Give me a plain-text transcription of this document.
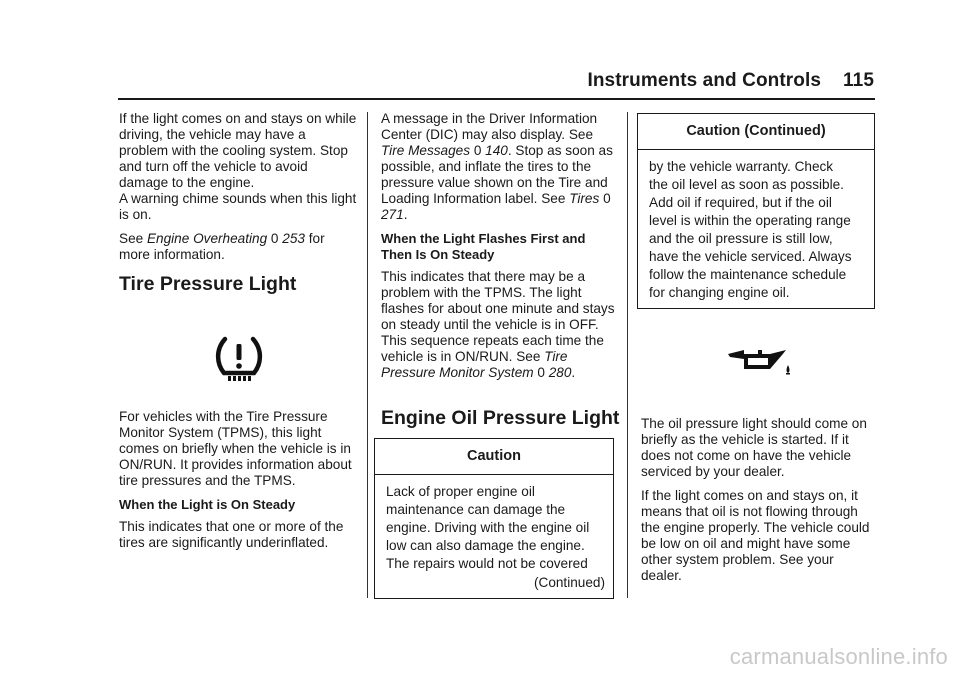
Instruments and Controls 115

If the light comes on and stays on while driving, the vehicle may have a problem with the cooling system. Stop and turn off the vehicle to avoid damage to the engine.

A warning chime sounds when this light is on.

See Engine Overheating 0 253 for more information.

Tire Pressure Light

For vehicles with the Tire Pressure Monitor System (TPMS), this light comes on briefly when the vehicle is in ON/RUN. It provides information about tire pressures and the TPMS.

When the Light is On Steady

This indicates that one or more of the tires are significantly underinflated.

A message in the Driver Information Center (DIC) may also display. See Tire Messages 0 140. Stop as soon as possible, and inflate the tires to the pressure value shown on the Tire and Loading Information label. See Tires 0 271.

When the Light Flashes First and Then Is On Steady

This indicates that there may be a problem with the TPMS. The light flashes for about one minute and stays on steady until the vehicle is in OFF. This sequence repeats each time the vehicle is in ON/RUN. See Tire Pressure Monitor System 0 280.

Engine Oil Pressure Light
Caution
Lack of proper engine oil
maintenance can damage the
engine. Driving with the engine oil
low can also damage the engine.
The repairs would not be covered
(Continued)
Caution (Continued)
by the vehicle warranty. Check
the oil level as soon as possible.
Add oil if required, but if the oil
level is within the operating range
and the oil pressure is still low,
have the vehicle serviced. Always
follow the maintenance schedule
for changing engine oil.

The oil pressure light should come on briefly as the vehicle is started. If it does not come on have the vehicle serviced by your dealer.

If the light comes on and stays on, it means that oil is not flowing through the engine properly. The vehicle could be low on oil and might have some other system problem. See your dealer.

carmanualsonline.info
